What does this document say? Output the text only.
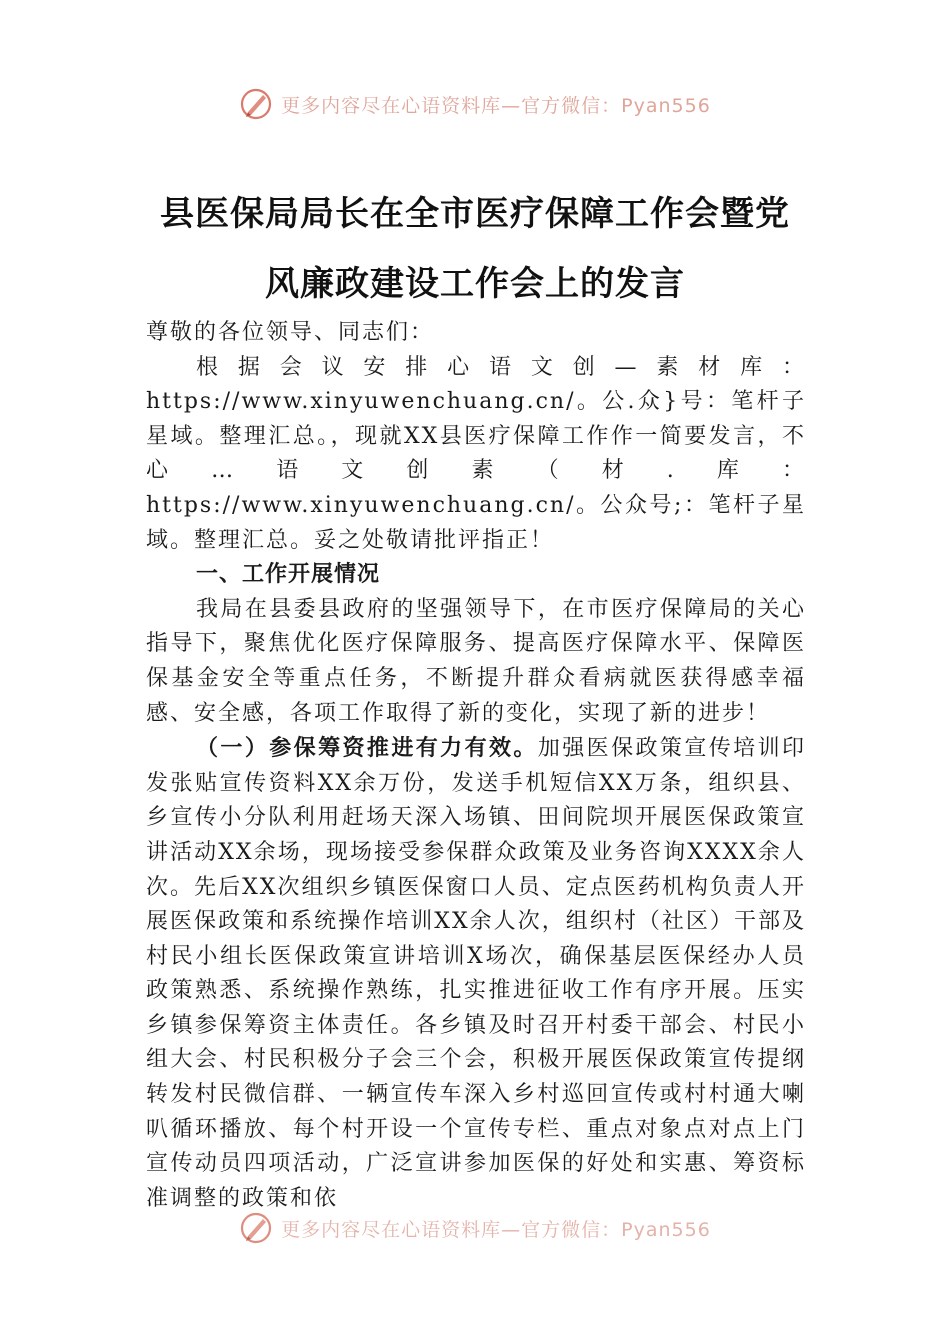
更多内容尽在心语资料库—官方微信：Pyan556
县医保局局长在全市医疗保障工作会暨党
风廉政建设工作会上的发言

尊敬的各位领导、同志们：

根据会议安排心语文创—素材库：https://www.xinyuwenchuang.cn/。公.众}号：笔杆子星域。整理汇总。，现就XX县医疗保障工作作一简要发言，不心…语文创素（材.库：https://www.xinyuwenchuang.cn/。公众号;：笔杆子星域。整理汇总。妥之处敬请批评指正！

一、工作开展情况

我局在县委县政府的坚强领导下，在市医疗保障局的关心指导下，聚焦优化医疗保障服务、提高医疗保障水平、保障医保基金安全等重点任务，不断提升群众看病就医获得感幸福感、安全感，各项工作取得了新的变化，实现了新的进步！

（一）参保筹资推进有力有效。加强医保政策宣传培训印发张贴宣传资料XX余万份，发送手机短信XX万条，组织县、乡宣传小分队利用赶场天深入场镇、田间院坝开展医保政策宣讲活动XX余场，现场接受参保群众政策及业务咨询XXXX余人次。先后XX次组织乡镇医保窗口人员、定点医药机构负责人开展医保政策和系统操作培训XX余人次，组织村（社区）干部及村民小组长医保政策宣讲培训X场次，确保基层医保经办人员政策熟悉、系统操作熟练，扎实推进征收工作有序开展。压实乡镇参保筹资主体责任。各乡镇及时召开村委干部会、村民小组大会、村民积极分子会三个会，积极开展医保政策宣传提纲转发村民微信群、一辆宣传车深入乡村巡回宣传或村村通大喇叭循环播放、每个村开设一个宣传专栏、重点对象点对点上门宣传动员四项活动，广泛宣讲参加医保的好处和实惠、筹资标准调整的政策和依

更多内容尽在心语资料库—官方微信：Pyan556
